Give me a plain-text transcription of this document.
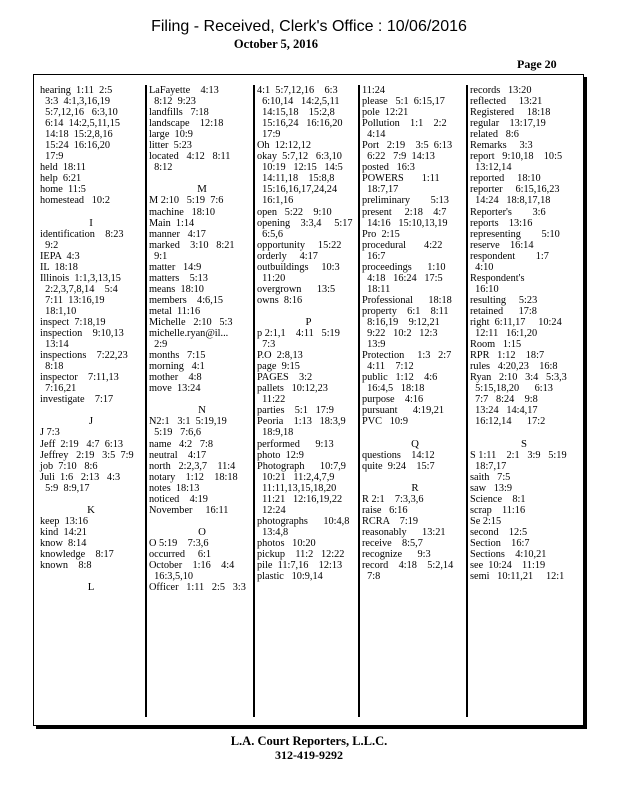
Filing - Received, Clerk's Office : 10/06/2016
October 5, 2016
Page 20
hearing  1:11  2:5
3:3  4:1,3,16,19
5:7,12,16   6:3,10
6:14  14:2,5,11,15
14:18  15:2,8,16
15:24  16:16,20
17:9
held  18:11
help  6:21
home  11:5
homestead   10:2

I
identification    8:23
9:2
IEPA  4:3
IL  18:18
Illinois  1:1,3,13,15
2:2,3,7,8,14    5:4
7:11  13:16,19
18:1,10
inspect  7:18,19
inspection    9:10,13
13:14
inspections    7:22,23
8:18
inspector    7:11,13
7:16,21
investigate    7:17

J
J 7:3
Jeff  2:19   4:7  6:13
Jeffrey   2:19   3:5  7:9
job  7:10   8:6
Juli  1:6   2:13   4:3
5:9  8:9,17

K
keep  13:16
kind  14:21
know  8:14
knowledge    8:17
known    8:8

L
LaFayette    4:13
8:12  9:23
landfills   7:18
landscape    12:18
large  10:9
litter  5:23
located   4:12   8:11
8:12

M
M 2:10   5:19  7:6
machine   18:10
Main  1:14
manner   4:17
marked    3:10   8:21
9:1
matter   14:9
matters    5:13
means  18:10
members    4:6,15
metal  11:16
Michelle   2:10   5:3
michelle.ryan@il...
2:9
months   7:15
morning   4:1
mother    4:8
move  13:24

N
N2:1   3:1  5:19,19
5:19   7:6,6
name   4:2   7:8
neutral    4:17
north   2:2,3,7    11:4
notary    1:12    18:18
notes  18:13
noticed    4:19
November     16:11

O
O 5:19    7:3,6
occurred     6:1
October    1:16    4:4
16:3,5,10
Officer   1:11   2:5   3:3
4:1  5:7,12,16    6:3
6:10,14   14:2,5,11
14:15,18    15:2,8
15:16,24   16:16,20
17:9
Oh  12:12,12
okay  5:7,12   6:3,10
10:19   12:15   14:5
14:11,18    15:8,8
15:16,16,17,24,24
16:1,16
open   5:22    9:10
opening    3:3,4     5:17
6:5,6
opportunity     15:22
orderly     4:17
outbuildings     10:3
11:20
overgrown      13:5
owns  8:16

P
p 2:1,1    4:11   5:19
7:3
P.O  2:8,13
page  9:15
PAGES    3:2
pallets   10:12,23
11:22
parties    5:1   17:9
Peoria    1:13   18:3,9
18:9,18
performed      9:13
photo  12:9
Photograph      10:7,9
10:21   11:2,4,7,9
11:11,13,15,18,20
11:21   12:16,19,22
12:24
photographs      10:4,8
13:4,8
photos   10:20
pickup    11:2   12:22
pile  11:7,16    12:13
plastic   10:9,14
11:24
please   5:1  6:15,17
pole  12:21
Pollution    1:1    2:2
4:14
Port   2:19    3:5  6:13
6:22   7:9  14:13
posted   16:3
POWERS       1:11
18:7,17
preliminary        5:13
present     2:18    4:7
14:16   15:10,13,19
Pro  2:15
procedural       4:22
16:7
proceedings      1:10
4:18   16:24   17:5
18:11
Professional      18:18
property    6:1    8:11
8:16,19    9:12,21
9:22   10:2   12:3
13:9
Protection     1:3   2:7
4:11    7:12
public   1:12    4:6
16:4,5   18:18
purpose    4:16
pursuant      4:19,21
PVC   10:9

Q
questions    14:12
quite  9:24    15:7

R
R 2:1    7:3,3,6
raise   6:16
RCRA    7:19
reasonably      13:21
receive    8:5,7
recognize      9:3
record    4:18    5:2,14
7:8
records   13:20
reflected     13:21
Registered     18:18
regular    13:17,19
related   8:6
Remarks     3:3
report   9:10,18    10:5
13:12,14
reported     18:10
reporter     6:15,16,23
14:24   18:8,17,18
Reporter's        3:6
reports    13:16
representing        5:10
reserve    16:14
respondent        1:7
4:10
Respondent's
16:10
resulting     5:23
retained      17:8
right  6:11,17     10:24
12:11   16:1,20
Room   1:15
RPR   1:12    18:7
rules   4:20,23    16:8
Ryan   2:10   3:4   5:3,3
5:15,18,20      6:13
7:7   8:24    9:8
13:24   14:4,17
16:12,14      17:2

S
S 1:11    2:1   3:9   5:19
18:7,17
saith   7:5
saw   13:9
Science    8:1
scrap    11:16
Se 2:15
second    12:5
Section    16:7
Sections    4:10,21
see  10:24    11:19
semi   10:11,21     12:1
L.A. Court Reporters, L.L.C.
312-419-9292
